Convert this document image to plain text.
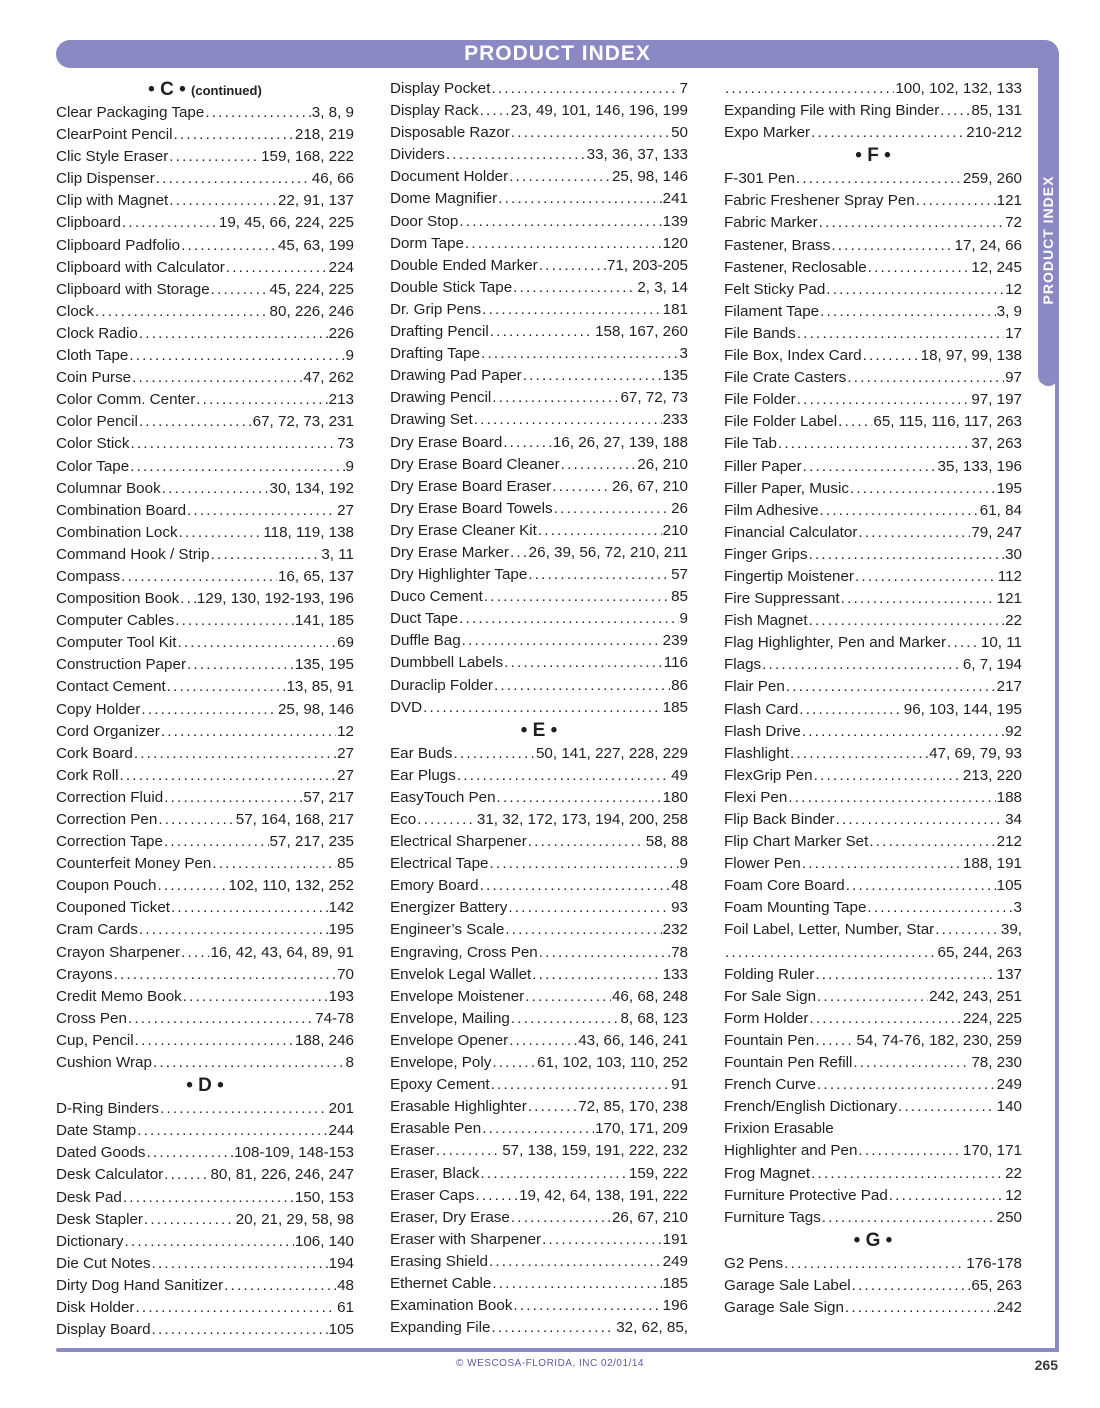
PRODUCT INDEX
PRODUCT INDEX
• C • (continued)
Clear Packaging Tape .....	3, 8, 9
ClearPoint Pencil .....	218, 219
Clic Style Eraser .....	159, 168, 222
Clip Dispenser .....	46, 66
Clip with Magnet .....	22, 91, 137
Clipboard .....	19, 45, 66, 224, 225
Clipboard Padfolio .....	45, 63, 199
Clipboard with Calculator .....	224
Clipboard with Storage .....	45, 224, 225
Clock .....	80, 226, 246
Clock Radio .....	226
Cloth Tape .....	9
Coin Purse .....	47, 262
Color Comm. Center .....	213
Color Pencil .....	67, 72, 73, 231
Color Stick .....	73
Color Tape .....	9
Columnar Book .....	30, 134, 192
Combination Board .....	27
Combination Lock .....	118, 119, 138
Command Hook / Strip .....	3, 11
Compass .....	16, 65, 137
Composition Book ..... 129, 130, 192-193, 196
Computer Cables .....	141, 185
Computer Tool Kit .....	69
Construction Paper .....	135, 195
Contact Cement .....	13, 85, 91
Copy Holder .....	25, 98, 146
Cord Organizer .....	12
Cork Board .....	27
Cork Roll .....	27
Correction Fluid .....	57, 217
Correction Pen .....	57, 164, 168, 217
Correction Tape .....	57, 217, 235
Counterfeit Money Pen .....	85
Coupon Pouch .....	102, 110, 132, 252
Couponed Ticket .....	142
Cram Cards .....	195
Crayon Sharpener ..... 16, 42, 43, 64, 89, 91
Crayons .....	70
Credit Memo Book .....	193
Cross Pen .....	74-78
Cup, Pencil .....	188, 246
Cushion Wrap .....	8
• D •
D-Ring Binders .....	201
Date Stamp .....	244
Dated Goods .....	108-109, 148-153
Desk Calculator .....	80, 81, 226, 246, 247
Desk Pad .....	150, 153
Desk Stapler .....	20, 21, 29, 58, 98
Dictionary .....	106, 140
Die Cut Notes .....	194
Dirty Dog Hand Sanitizer .....	48
Disk Holder .....	61
Display Board .....	105
Display Pocket .....	7
Display Rack ..... 23, 49, 101, 146, 196, 199
Disposable Razor .....	50
Dividers .....	33, 36, 37, 133
Document Holder .....	25, 98, 146
Dome Magnifier .....	241
Door Stop .....	139
Dorm Tape .....	120
Double Ended Marker .....	71, 203-205
Double Stick Tape .....	2, 3, 14
Dr. Grip Pens .....	181
Drafting Pencil .....	158, 167, 260
Drafting Tape .....	3
Drawing Pad Paper .....	135
Drawing Pencil .....	67, 72, 73
Drawing Set .....	233
Dry Erase Board .....	16, 26, 27, 139, 188
Dry Erase Board Cleaner .....	26, 210
Dry Erase Board Eraser .....	26, 67, 210
Dry Erase Board Towels .....	26
Dry Erase Cleaner Kit .....	210
Dry Erase Marker ..... 26, 39, 56, 72, 210, 211
Dry Highlighter Tape .....	57
Duco Cement .....	85
Duct Tape .....	9
Duffle Bag .....	239
Dumbbell Labels .....	116
Duraclip Folder .....	86
DVD .....	185
• E •
Ear Buds .....	50, 141, 227, 228, 229
Ear Plugs .....	49
EasyTouch Pen .....	180
Eco .....	31, 32, 172, 173, 194, 200, 258
Electrical Sharpener .....	58, 88
Electrical Tape .....	9
Emory Board .....	48
Energizer Battery .....	93
Engineer’s Scale .....	232
Engraving, Cross Pen .....	78
Envelok Legal Wallet .....	133
Envelope Moistener .....	46, 68, 248
Envelope, Mailing .....	8, 68, 123
Envelope Opener .....	43, 66, 146, 241
Envelope, Poly .....	61, 102, 103, 110, 252
Epoxy Cement .....	91
Erasable Highlighter .....	72, 85, 170, 238
Erasable Pen .....	170, 171, 209
Eraser .....	57, 138, 159, 191, 222, 232
Eraser, Black .....	159, 222
Eraser Caps .....	19, 42, 64, 138, 191, 222
Eraser, Dry Erase .....	26, 67, 210
Eraser with Sharpener .....	191
Erasing Shield .....	249
Ethernet Cable .....	185
Examination Book .....	196
Expanding File .....	32, 62, 85,
.....
100, 102, 132, 133
Expanding File with Ring Binder ..... 85, 131
Expo Marker .....	210-212
• F •
F-301 Pen .....	259, 260
Fabric Freshener Spray Pen .....	121
Fabric Marker .....	72
Fastener, Brass .....	17, 24, 66
Fastener, Reclosable .....	12, 245
Felt Sticky Pad .....	12
Filament Tape .....	3, 9
File Bands .....	17
File Box, Index Card .....	18, 97, 99, 138
File Crate Casters .....	97
File Folder .....	97, 197
File Folder Label ..... 65, 115, 116, 117, 263
File Tab .....	37, 263
Filler Paper .....	35, 133, 196
Filler Paper, Music .....	195
Film Adhesive .....	61, 84
Financial Calculator .....	79, 247
Finger Grips .....	30
Fingertip Moistener .....	112
Fire Suppressant .....	121
Fish Magnet .....	22
Flag Highlighter, Pen and Marker ..... 10, 11
Flags .....	6, 7, 194
Flair Pen .....	217
Flash Card .....	96, 103, 144, 195
Flash Drive .....	92
Flashlight .....	47, 69, 79, 93
FlexGrip Pen .....	213, 220
Flexi Pen .....	188
Flip Back Binder .....	34
Flip Chart Marker Set .....	212
Flower Pen .....	188, 191
Foam Core Board .....	105
Foam Mounting Tape .....	3
Foil Label, Letter, Number, Star .....	39,
.....
65, 244, 263
Folding Ruler .....	137
For Sale Sign .....	242, 243, 251
Form Holder .....	224, 225
Fountain Pen .....	54, 74-76, 182, 230, 259
Fountain Pen Refill .....	78, 230
French Curve .....	249
French/English Dictionary .....	140
Frixion Erasable
Highlighter and Pen .....	170, 171
Frog Magnet .....	22
Furniture Protective Pad .....	12
Furniture Tags .....	250
• G •
G2 Pens .....	176-178
Garage Sale Label .....	65, 263
Garage Sale Sign .....	242
© WESCOSA-FLORIDA, INC 02/01/14	265
